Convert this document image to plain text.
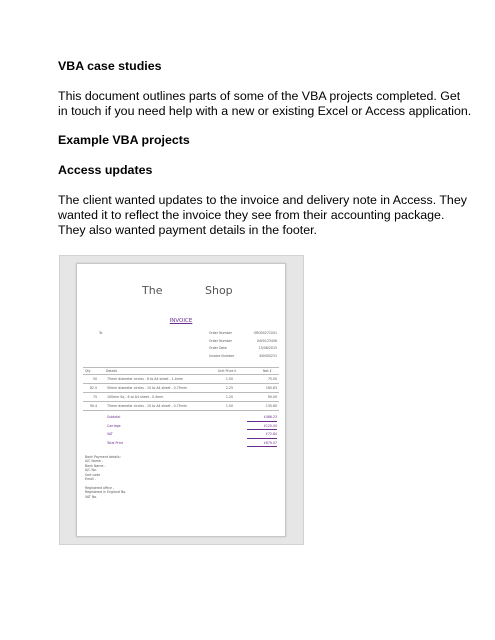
VBA case studies

This document outlines parts of some of the VBA projects completed. Get

in touch if you need help with a new or existing Excel or Access application.

Example VBA projects

Access updates

The client wanted updates to the invoice and delivery note in Access. They

wanted it to reflect the invoice they see from their accounting package.

They also wanted payment details in the footer.

The	Shop
INVOICE
To	Order Number	ORD00271001
Order Number	INV0123456
Order Date	13/08/2015
Invoice Number	IN0000231
Qty	Details	Unit Price £	Net £
50	75mm diameter circles - 6 to A4 sheet - 1.4mm	1.50	75.00
82.5	50mm diameter circles - 10 to A4 sheet - 0.75mm	2.25	185.63
75	100mm Sq - 6 to A4 sheet - 0.4mm	1.20	90.00
90.4	75mm diameter circles - 10 to A4 sheet - 0.75mm	1.50	135.60
Subtotal	£486.23
Carriage	£120.00
VAT	£72.84
Total Price	£679.07
Bank Payment details:
A/C Name -
Bank Name -
A/C No.
Sort code
Email -
Registered office -
Registered in England No.
VAT No.
